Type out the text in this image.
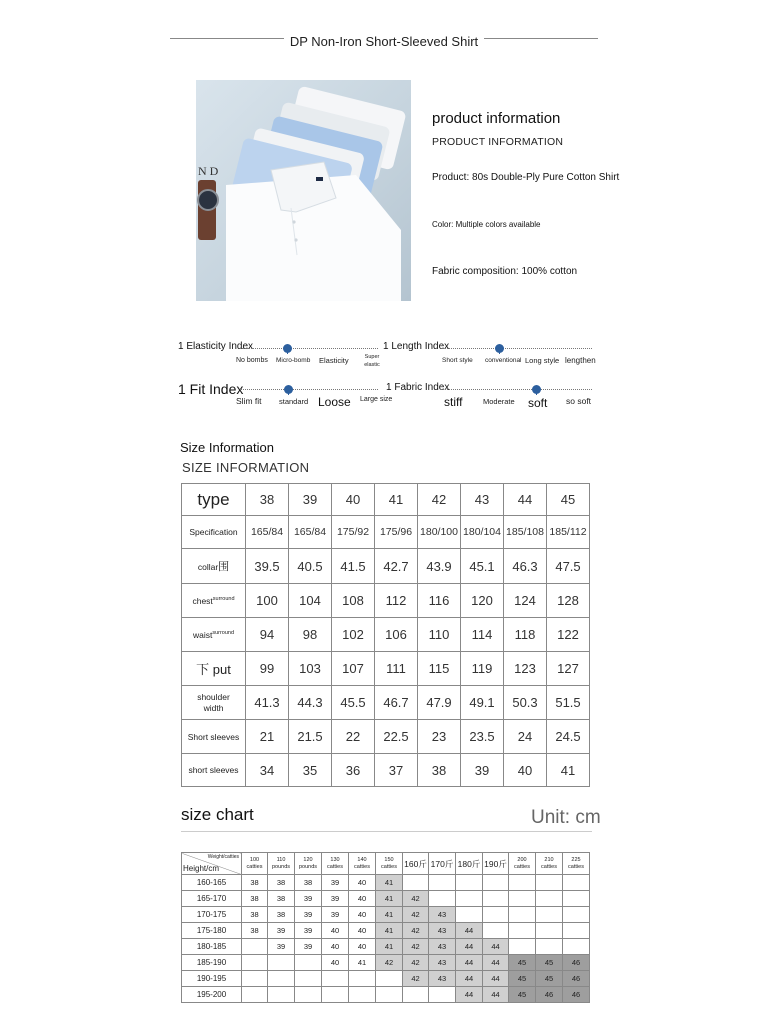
DP Non-Iron Short-Sleeved Shirt
ND
product information
PRODUCT INFORMATION
Product: 80s Double-Ply Pure Cotton Shirt
Color: Multiple colors available
Fabric composition: 100% cotton
1 Elasticity Index
No bombs Micro-bomb Elasticity	Super elastic
1 Length Index
Short style conventional Long style lengthen
1 Fit Index
Slim fit standard Loose Large size
1 Fabric Index
stiff	Moderate soft so soft
Size Information
SIZE INFORMATION
type	38	39	40	41	42	43	44	45
Specification	165/84	165/84	175/92	175/96	180/100	180/104	185/108	185/112
collar围	39.5	40.5	41.5	42.7	43.9	45.1	46.3	47.5
chest$^{surround}$	100	104	108	112	116	120	124	128
waist$^{surround}$	94	98	102	106	110	114	118	122
下 put	99	103	107	111	115	119	123	127
shoulder width	41.3	44.3	45.5	46.7	47.9	49.1	50.3	51.5
Short sleeves	21	21.5	22	22.5	23	23.5	24	24.5
short sleeves	34	35	36	37	38	39	40	41
size chart	Unit: cm
Weight/catties
Height/cm	100 catties	110 pounds	120 pounds	130 catties	140 catties	150 catties	160斤	170斤	180斤	190斤	200 catties	210 catties	225 catties
160-165	38	38	38	39	40	41							
165-170	38	38	39	39	40	41	42						
170-175	38	38	39	39	40	41	42	43					
175-180	38	39	39	40	40	41	42	43	44				
180-185		39	39	40	40	41	42	43	44	44			
185-190				40	41	42	42	43	44	44	45	45	46
190-195							42	43	44	44	45	45	46
195-200									44	44	45	46	46
